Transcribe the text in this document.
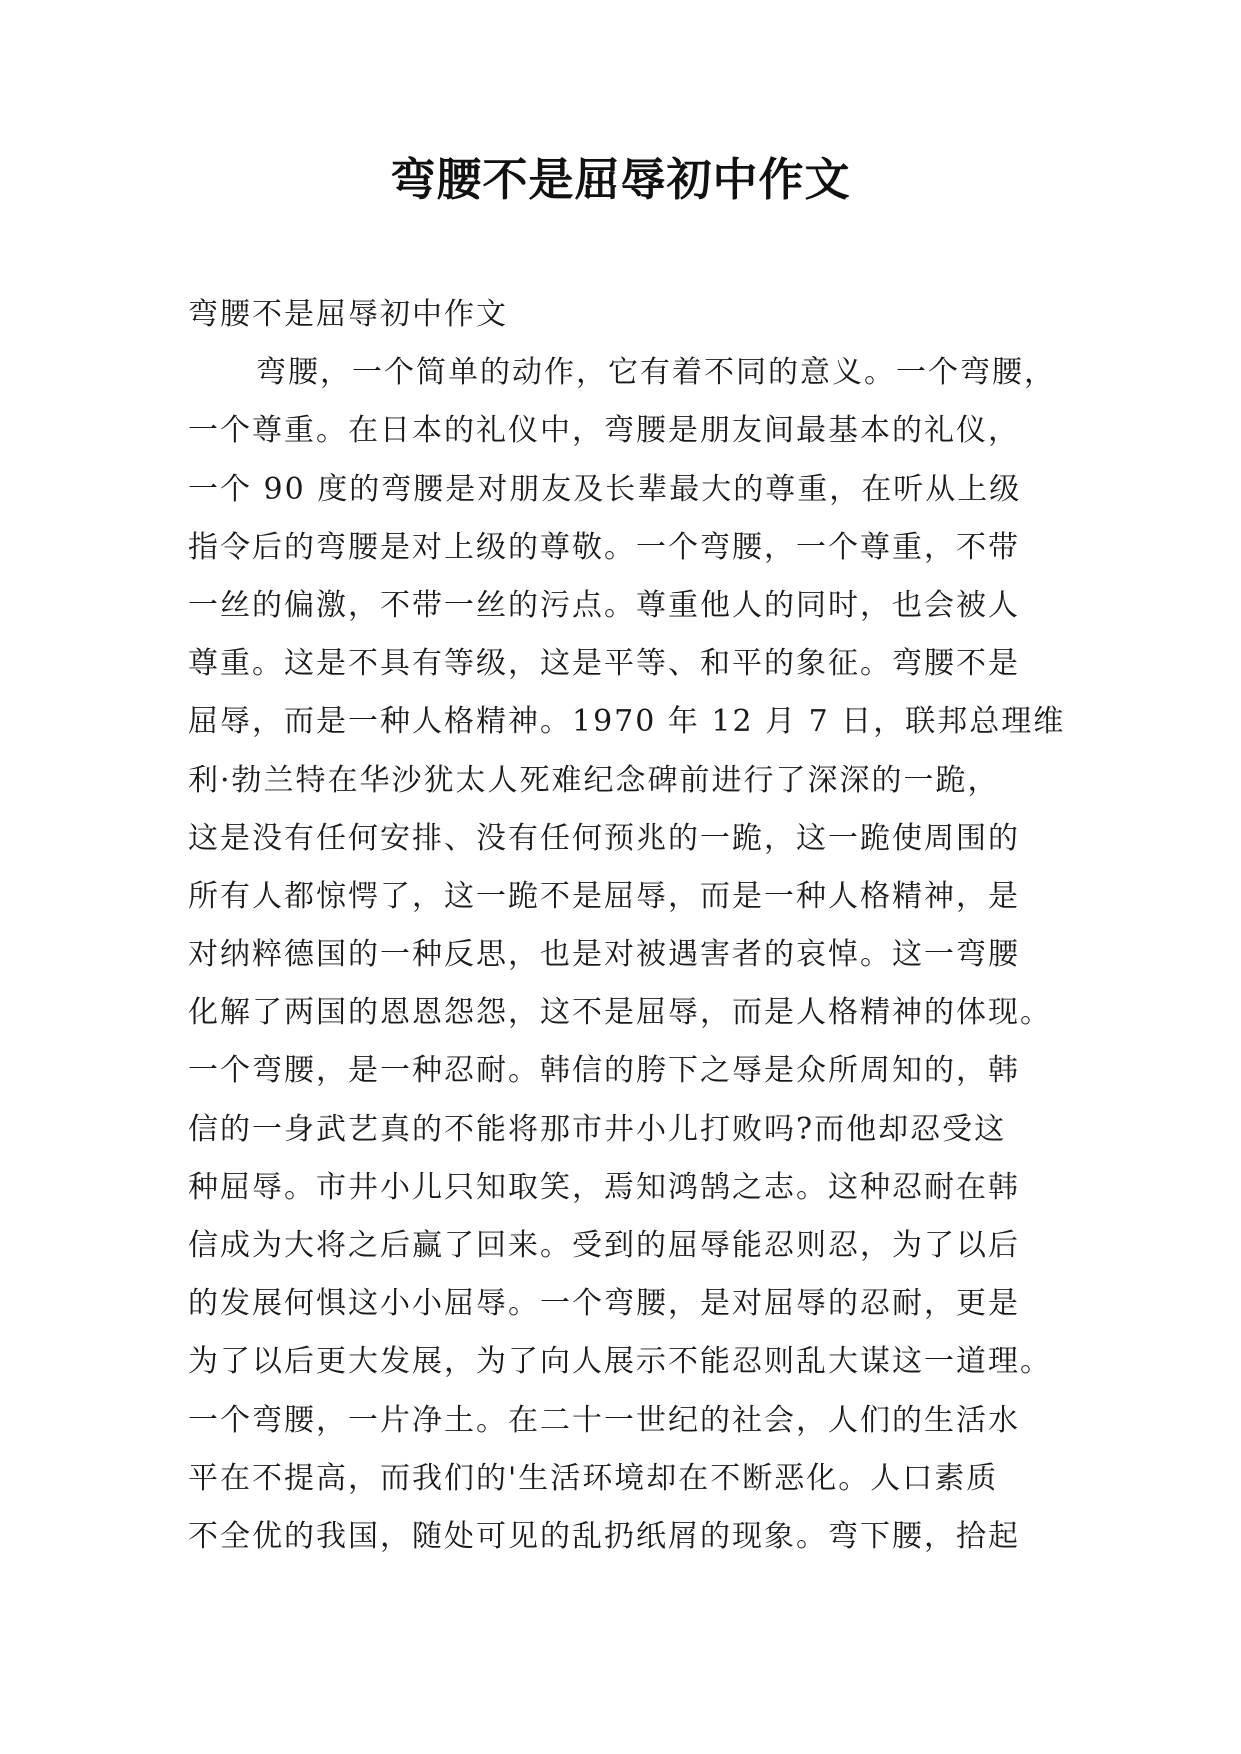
弯腰不是屈辱初中作文
弯腰不是屈辱初中作文
弯腰，一个简单的动作，它有着不同的意义。一个弯腰，
一个尊重。在日本的礼仪中，弯腰是朋友间最基本的礼仪，
一个 90 度的弯腰是对朋友及长辈最大的尊重，在听从上级
指令后的弯腰是对上级的尊敬。一个弯腰，一个尊重，不带
一丝的偏激，不带一丝的污点。尊重他人的同时，也会被人
尊重。这是不具有等级，这是平等、和平的象征。弯腰不是
屈辱，而是一种人格精神。1970 年 12 月 7 日，联邦总理维
利·勃兰特在华沙犹太人死难纪念碑前进行了深深的一跪，
这是没有任何安排、没有任何预兆的一跪，这一跪使周围的
所有人都惊愕了，这一跪不是屈辱，而是一种人格精神，是
对纳粹德国的一种反思，也是对被遇害者的哀悼。这一弯腰
化解了两国的恩恩怨怨，这不是屈辱，而是人格精神的体现。
一个弯腰，是一种忍耐。韩信的胯下之辱是众所周知的，韩
信的一身武艺真的不能将那市井小儿打败吗?而他却忍受这
种屈辱。市井小儿只知取笑，焉知鸿鹄之志。这种忍耐在韩
信成为大将之后赢了回来。受到的屈辱能忍则忍，为了以后
的发展何惧这小小屈辱。一个弯腰，是对屈辱的忍耐，更是
为了以后更大发展，为了向人展示不能忍则乱大谋这一道理。
一个弯腰，一片净土。在二十一世纪的社会，人们的生活水
平在不提高，而我们的'生活环境却在不断恶化。人口素质
不全优的我国，随处可见的乱扔纸屑的现象。弯下腰，拾起
